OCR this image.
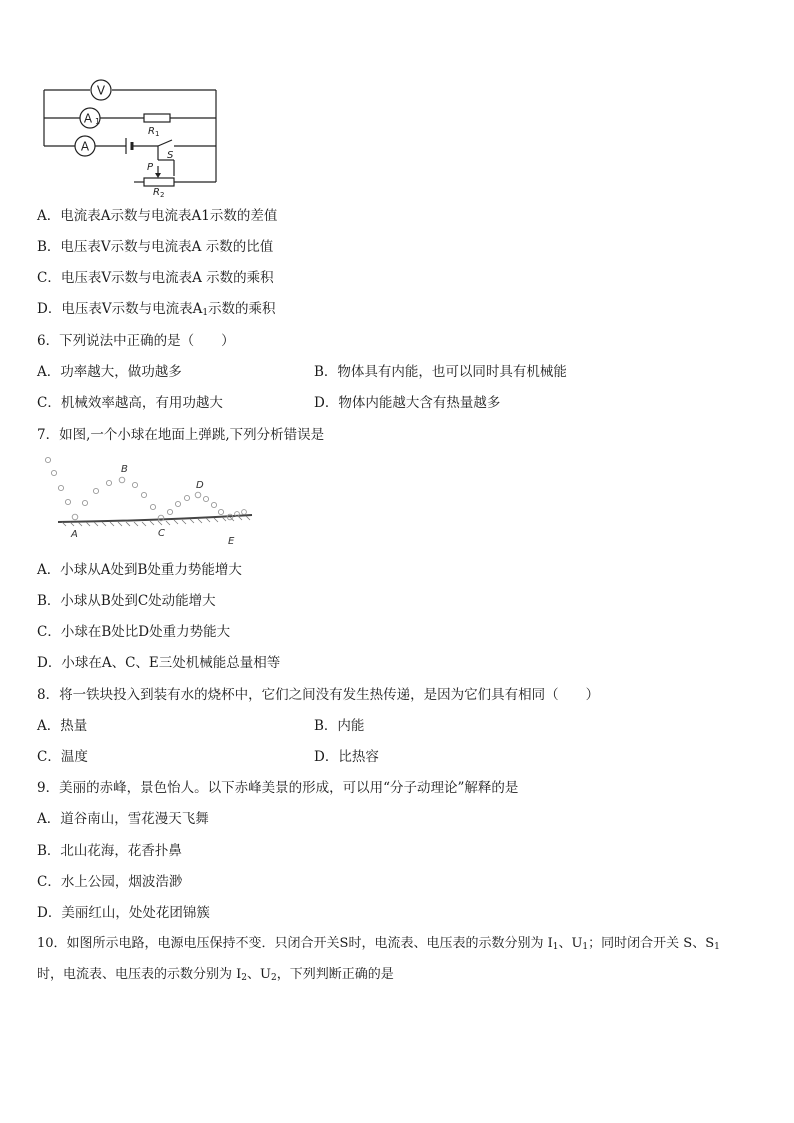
V
A 1
A
R 1
S
P
R 2
A．电流表A示数与电流表A1示数的差值
B．电压表V示数与电流表A 示数的比值
C．电压表V示数与电流表A 示数的乘积
D．电压表V示数与电流表$A_1$示数的乘积
6．下列说法中正确的是（　　）
A．功率越大，做功越多	B．物体具有内能，也可以同时具有机械能
C．机械效率越高，有用功越大	D．物体内能越大含有热量越多
7．如图,一个小球在地面上弹跳,下列分析错误是
A
B
C
D
E
A．小球从A处到B处重力势能增大
B．小球从B处到C处动能增大
C．小球在B处比D处重力势能大
D．小球在A、C、E三处机械能总量相等
8．将一铁块投入到装有水的烧杯中，它们之间没有发生热传递，是因为它们具有相同（　　）
A．热量	B．内能
C．温度	D．比热容
9．美丽的赤峰，景色怡人。以下赤峰美景的形成，可以用“分子动理论”解释的是
A．道谷南山，雪花漫天飞舞
B．北山花海，花香扑鼻
C．水上公园，烟波浩渺
D．美丽红山，处处花团锦簇
10．如图所示电路，电源电压保持不变．只闭合开关S时，电流表、电压表的示数分别为 $I_1$、$U_1$；同时闭合开关 S、$S_1$
时，电流表、电压表的示数分别为 $I_2$、$U_2$，下列判断正确的是
